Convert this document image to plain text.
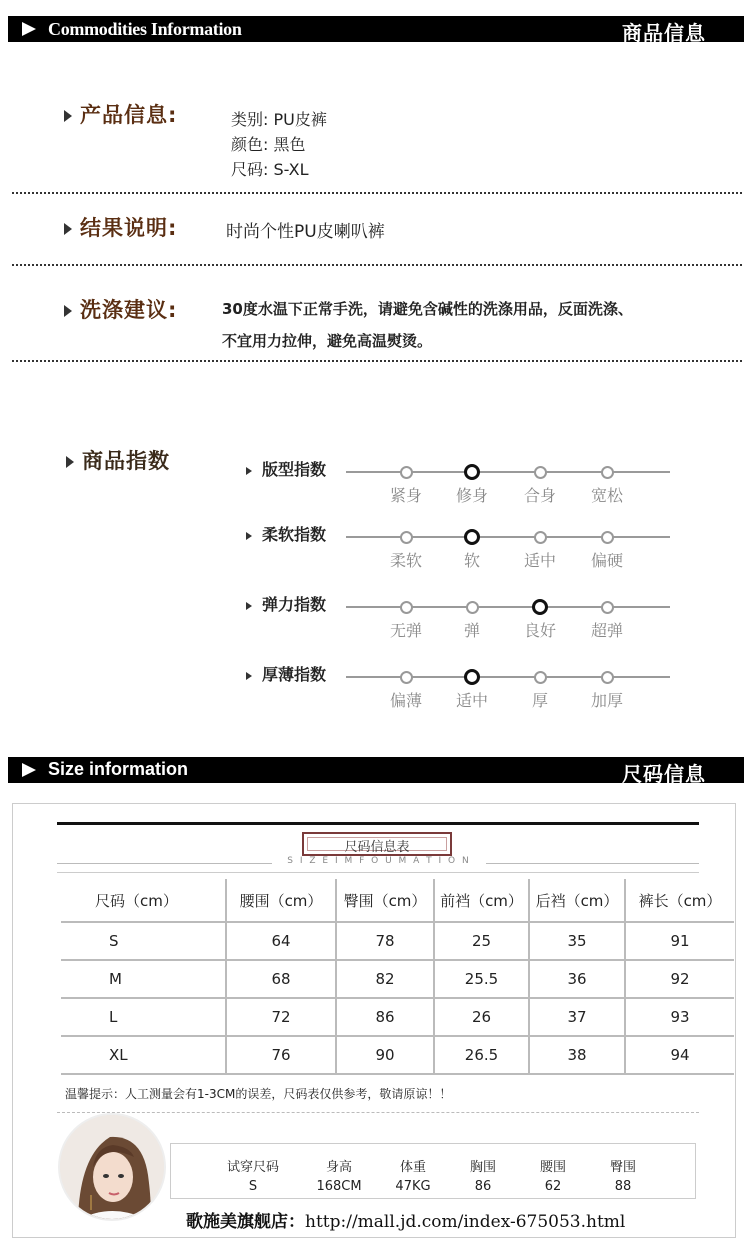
Commodities Information	商品信息
产品信息:	类别: PU皮裤
颜色: 黑色
尺码: S-XL
结果说明:	时尚个性PU皮喇叭裤
洗涤建议:	30度水温下正常手洗，请避免含碱性的洗涤用品，反面洗涤、
不宜用力拉伸，避免高温熨烫。
商品指数	版型指数
紧身	修身	合身	宽松
柔软指数
柔软	软	适中	偏硬
弹力指数
无弹	弹	良好	超弹
厚薄指数
偏薄	适中	厚	加厚
Size information	尺码信息
尺码信息表
S I Z E I M F O U M A T I O N
尺码（cm）	腰围（cm）	臀围（cm）	前裆（cm）	后裆（cm）	裤长（cm）
S	64	78	25	35	91
M	68	82	25.5	36	92
L	72	86	26	37	93
XL	76	90	26.5	38	94
温馨提示：人工测量会有1-3CM的误差，尺码表仅供参考，敬请原谅！！
试穿尺码	身高	体重	胸围	腰围	臀围
S	168CM	47KG	86	62	88
歌施美旗舰店：http://mall.jd.com/index-675053.html
